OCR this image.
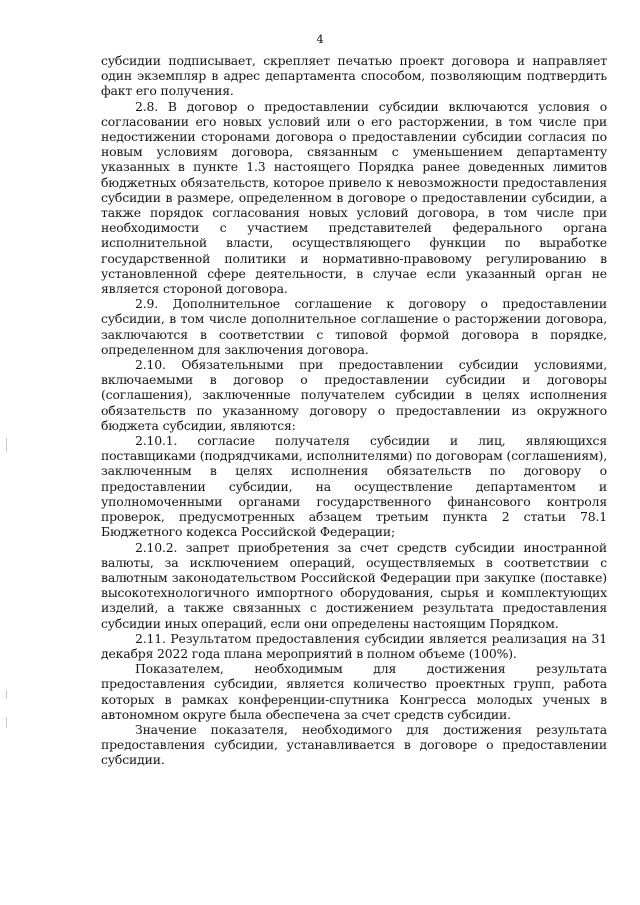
4

субсидии подписывает, скрепляет печатью проект договора и направляет один экземпляр в адрес департамента способом, позволяющим подтвердить факт его получения.

2.8. В договор о предоставлении субсидии включаются условия о согласовании его новых условий или о его расторжении, в том числе при недостижении сторонами договора о предоставлении субсидии согласия по новым условиям договора, связанным с уменьшением департаменту указанных в пункте 1.3 настоящего Порядка ранее доведенных лимитов бюджетных обязательств, которое привело к невозможности предоставления субсидии в размере, определенном в договоре о предоставлении субсидии, а также порядок согласования новых условий договора, в том числе при необходимости с участием представителей федерального органа исполнительной власти, осуществляющего функции по выработке государственной политики и нормативно-правовому регулированию в установленной сфере деятельности, в случае если указанный орган не является стороной договора.

2.9. Дополнительное соглашение к договору о предоставлении субсидии, в том числе дополнительное соглашение о расторжении договора, заключаются в соответствии с типовой формой договора в порядке, определенном для заключения договора.

2.10. Обязательными при предоставлении субсидии условиями, включаемыми в договор о предоставлении субсидии и договоры (соглашения), заключенные получателем субсидии в целях исполнения обязательств по указанному договору о предоставлении из окружного бюджета субсидии, являются:

2.10.1. согласие получателя субсидии и лиц, являющихся поставщиками (подрядчиками, исполнителями) по договорам (соглашениям), заключенным в целях исполнения обязательств по договору о предоставлении субсидии, на осуществление департаментом и уполномоченными органами государственного финансового контроля проверок, предусмотренных абзацем третьим пункта 2 статьи 78.1 Бюджетного кодекса Российской Федерации;

2.10.2. запрет приобретения за счет средств субсидии иностранной валюты, за исключением операций, осуществляемых в соответствии с валютным законодательством Российской Федерации при закупке (поставке) высокотехнологичного импортного оборудования, сырья и комплектующих изделий, а также связанных с достижением результата предоставления субсидии иных операций, если они определены настоящим Порядком.

2.11. Результатом предоставления субсидии является реализация на 31 декабря 2022 года плана мероприятий в полном объеме (100%).

Показателем, необходимым для достижения результата предоставления субсидии, является количество проектных групп, работа которых в рамках конференции-спутника Конгресса молодых ученых в автономном округе была обеспечена за счет средств субсидии.

Значение показателя, необходимого для достижения результата предоставления субсидии, устанавливается в договоре о предоставлении субсидии.
